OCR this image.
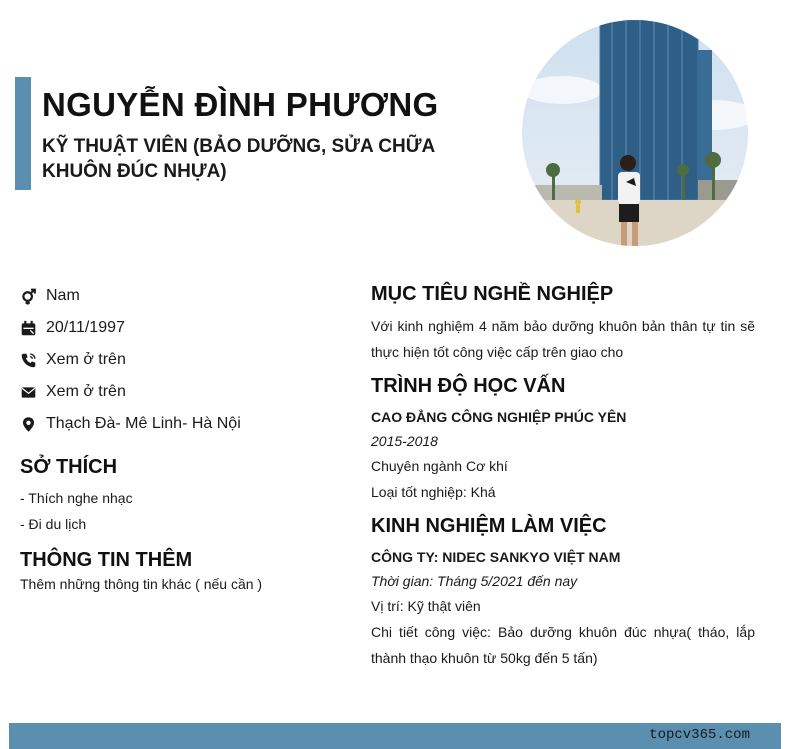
NGUYỄN ĐÌNH PHƯƠNG
KỸ THUẬT VIÊN (BẢO DƯỠNG, SỬA CHỮA KHUÔN ĐÚC NHỰA)
Nam
20/11/1997
Xem ở trên
Xem ở trên
Thạch Đà- Mê Linh- Hà Nội
SỞ THÍCH
- Thích nghe nhạc
- Đi du lịch
THÔNG TIN THÊM
Thêm những thông tin khác ( nếu cần )
MỤC TIÊU NGHỀ NGHIỆP
Với kinh nghiệm 4 năm bảo dưỡng khuôn bản thân tự tin sẽ thực hiện tốt công việc cấp trên giao cho
TRÌNH ĐỘ HỌC VẤN
CAO ĐẲNG CÔNG NGHIỆP PHÚC YÊN
2015-2018
Chuyên ngành Cơ khí
Loại tốt nghiệp: Khá
KINH NGHIỆM LÀM VIỆC
CÔNG TY: NIDEC SANKYO VIỆT NAM
Thời gian: Tháng 5/2021 đến nay
Vị trí: Kỹ thật viên
Chi tiết công việc: Bảo dưỡng khuôn đúc nhựa( tháo, lắp thành thạo khuôn từ 50kg đến 5 tấn)
topcv365.com
